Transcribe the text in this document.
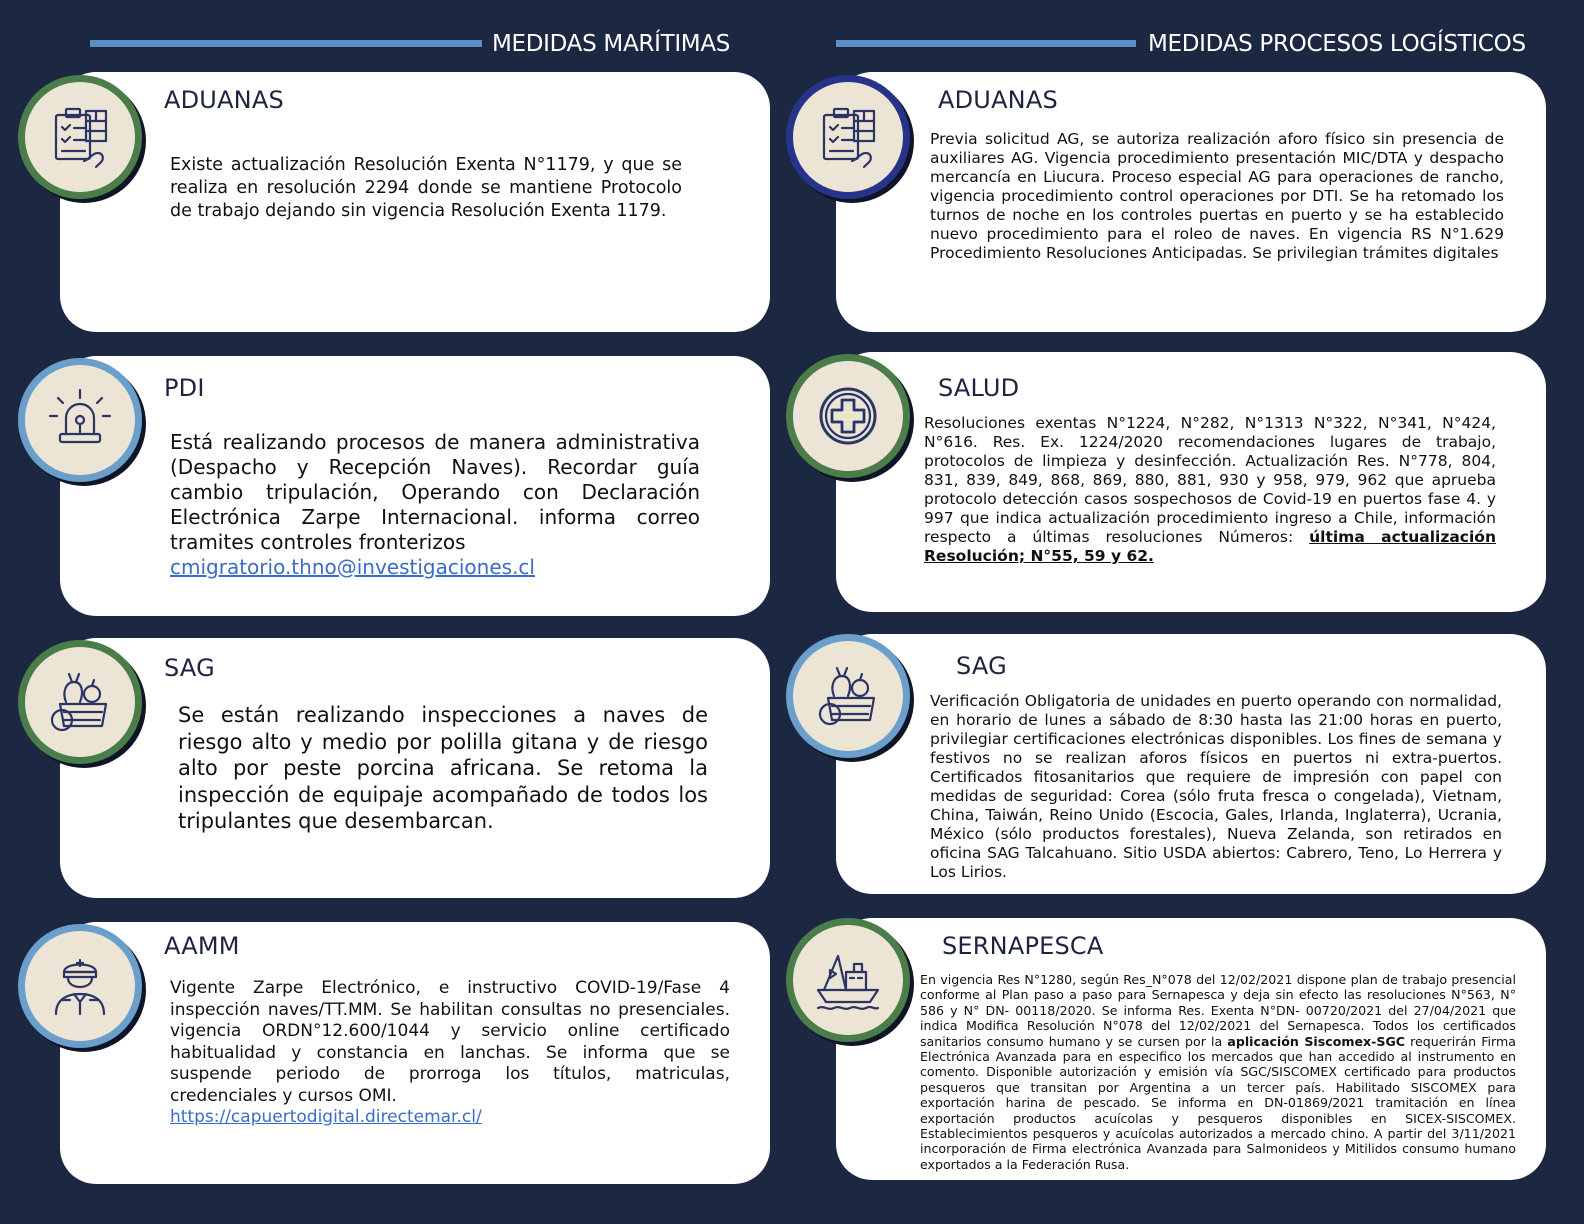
MEDIDAS MARÍTIMAS	MEDIDAS PROCESOS LOGÍSTICOS
ADUANAS
Existe actualización Resolución Exenta N°1179, y que se realiza en resolución 2294 donde se mantiene Protocolo de trabajo dejando sin vigencia Resolución Exenta 1179.
PDI
Está realizando procesos de manera administrativa (Despacho y Recepción Naves). Recordar guía cambio tripulación, Operando con Declaración Electrónica Zarpe Internacional. informa correo tramites controles fronterizos
cmigratorio.thno@investigaciones.cl
SAG
Se están realizando inspecciones a naves de riesgo alto y medio por polilla gitana y de riesgo alto por peste porcina africana. Se retoma la inspección de equipaje acompañado de todos los tripulantes que desembarcan.
AAMM
Vigente Zarpe Electrónico, e instructivo COVID-19/Fase 4 inspección naves/TT.MM. Se habilitan consultas no presenciales. vigencia ORDN°12.600/1044 y servicio online certificado habitualidad y constancia en lanchas. Se informa que se suspende periodo de prorroga los títulos, matriculas, credenciales y cursos OMI.
https://capuertodigital.directemar.cl/
ADUANAS
Previa solicitud AG, se autoriza realización aforo físico sin presencia de auxiliares AG. Vigencia procedimiento presentación MIC/DTA y despacho mercancía en Liucura. Proceso especial AG para operaciones de rancho, vigencia procedimiento control operaciones por DTI. Se ha retomado los turnos de noche en los controles puertas en puerto y se ha establecido nuevo procedimiento para el roleo de naves. En vigencia RS N°1.629 Procedimiento Resoluciones Anticipadas. Se privilegian trámites digitales
SALUD
Resoluciones exentas N°1224, N°282, N°1313 N°322, N°341, N°424, N°616. Res. Ex. 1224/2020 recomendaciones lugares de trabajo, protocolos de limpieza y desinfección. Actualización Res. N°778, 804, 831, 839, 849, 868, 869, 880, 881, 930 y 958, 979, 962 que aprueba protocolo detección casos sospechosos de Covid-19 en puertos fase 4. y 997 que indica actualización procedimiento ingreso a Chile, información respecto a últimas resoluciones Números: última actualización Resolución; N°55, 59 y 62.
SAG
Verificación Obligatoria de unidades en puerto operando con normalidad, en horario de lunes a sábado de 8:30 hasta las 21:00 horas en puerto, privilegiar certificaciones electrónicas disponibles. Los fines de semana y festivos no se realizan aforos físicos en puertos ni extra-puertos. Certificados fitosanitarios que requiere de impresión con papel con medidas de seguridad: Corea (sólo fruta fresca o congelada), Vietnam, China, Taiwán, Reino Unido (Escocia, Gales, Irlanda, Inglaterra), Ucrania, México (sólo productos forestales), Nueva Zelanda, son retirados en oficina SAG Talcahuano. Sitio USDA abiertos: Cabrero, Teno, Lo Herrera y Los Lirios.
SERNAPESCA
En vigencia Res N°1280, según Res_N°078 del 12/02/2021 dispone plan de trabajo presencial conforme al Plan paso a paso para Sernapesca y deja sin efecto las resoluciones N°563, N° 586 y N° DN- 00118/2020. Se informa Res. Exenta N°DN- 00720/2021 del 27/04/2021 que indica Modifica Resolución N°078 del 12/02/2021 del Sernapesca. Todos los certificados sanitarios consumo humano y se cursen por la aplicación Siscomex-SGC requerirán Firma Electrónica Avanzada para en especifico los mercados que han accedido al instrumento en comento. Disponible autorización y emisión vía SGC/SISCOMEX certificado para productos pesqueros que transitan por Argentina a un tercer país. Habilitado SISCOMEX para exportación harina de pescado. Se informa en DN-01869/2021 tramitación en línea exportación productos acuícolas y pesqueros disponibles en SICEX-SISCOMEX. Establecimientos pesqueros y acuícolas autorizados a mercado chino. A partir del 3/11/2021 incorporación de Firma electrónica Avanzada para Salmonideos y Mitilidos consumo humano exportados a la Federación Rusa.
